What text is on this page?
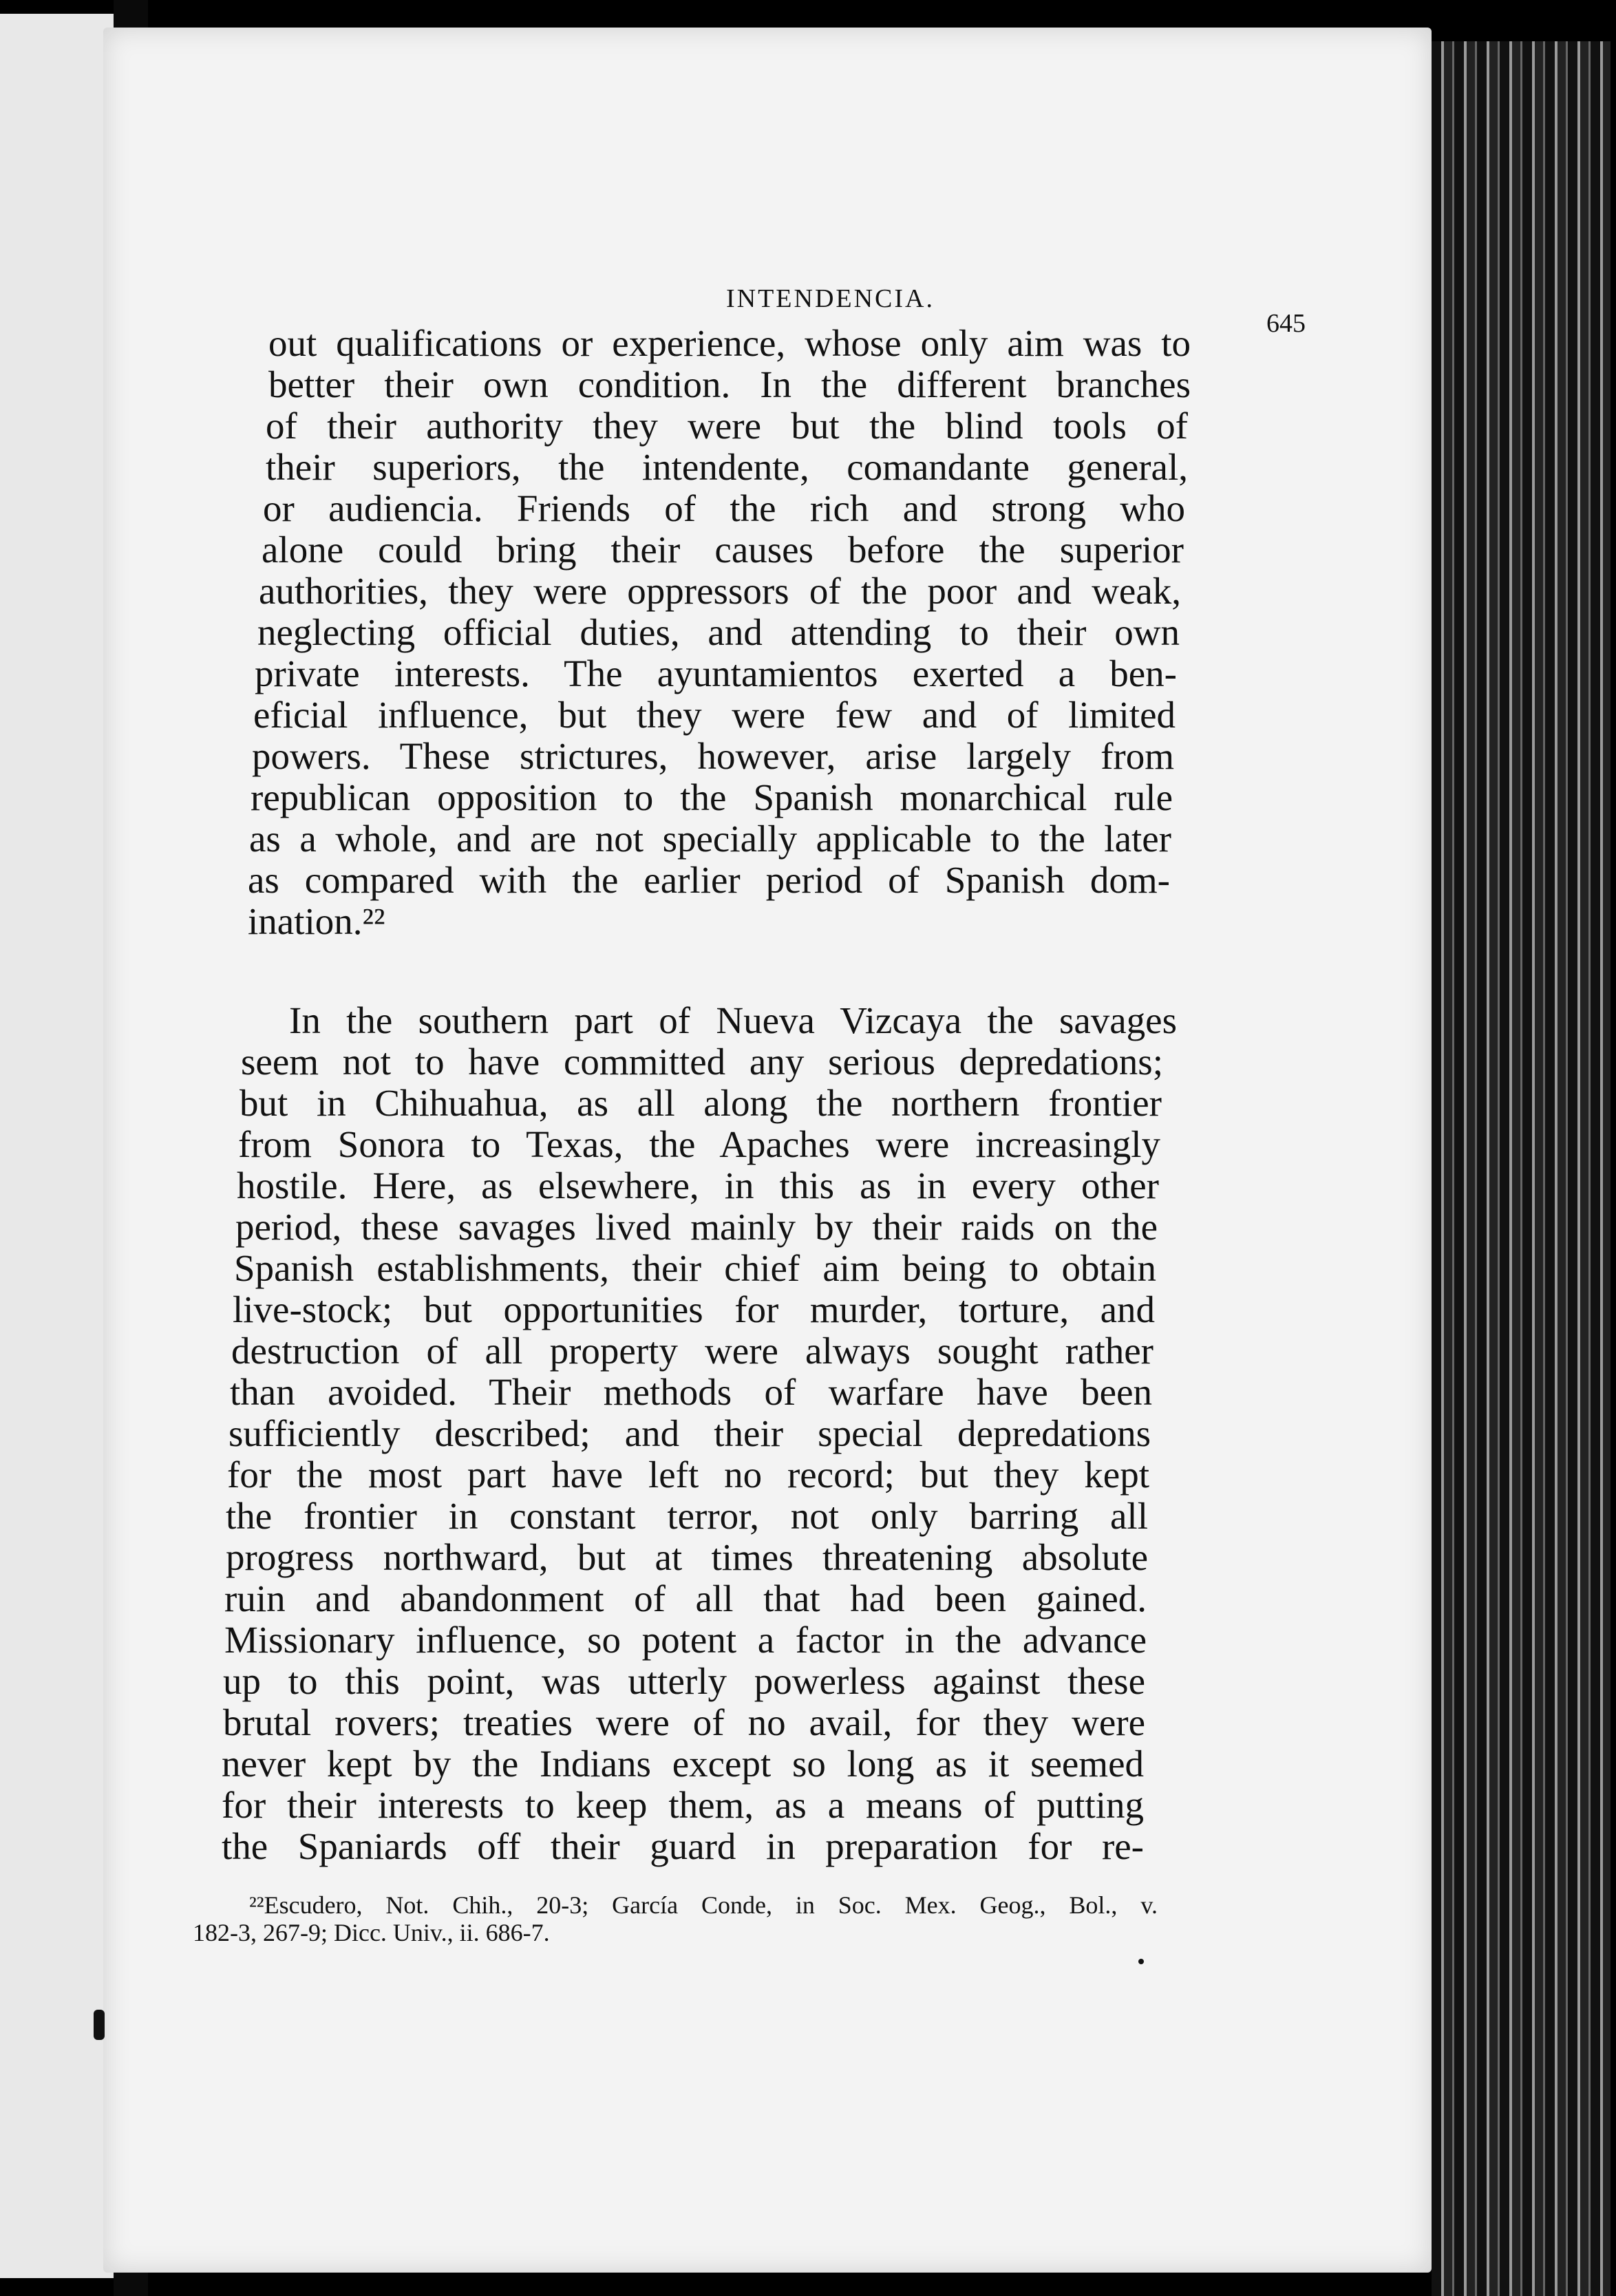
INTENDENCIA.
645
out qualifications or experience, whose only aim was to
better their own condition. In the different branches
of their authority they were but the blind tools of
their superiors, the intendente, comandante general,
or audiencia. Friends of the rich and strong who
alone could bring their causes before the superior
authorities, they were oppressors of the poor and weak,
neglecting official duties, and attending to their own
private interests. The ayuntamientos exerted a ben-
eficial influence, but they were few and of limited
powers. These strictures, however, arise largely from
republican opposition to the Spanish monarchical rule
as a whole, and are not specially applicable to the later
as compared with the earlier period of Spanish dom-
ination.²²
In the southern part of Nueva Vizcaya the savages
seem not to have committed any serious depredations;
but in Chihuahua, as all along the northern frontier
from Sonora to Texas, the Apaches were increasingly
hostile. Here, as elsewhere, in this as in every other
period, these savages lived mainly by their raids on the
Spanish establishments, their chief aim being to obtain
live-stock; but opportunities for murder, torture, and
destruction of all property were always sought rather
than avoided. Their methods of warfare have been
sufficiently described; and their special depredations
for the most part have left no record; but they kept
the frontier in constant terror, not only barring all
progress northward, but at times threatening absolute
ruin and abandonment of all that had been gained.
Missionary influence, so potent a factor in the advance
up to this point, was utterly powerless against these
brutal rovers; treaties were of no avail, for they were
never kept by the Indians except so long as it seemed
for their interests to keep them, as a means of putting
the Spaniards off their guard in preparation for re-
²²Escudero, Not. Chih., 20-3; García Conde, in Soc. Mex. Geog., Bol., v.
182-3, 267-9; Dicc. Univ., ii. 686-7.
